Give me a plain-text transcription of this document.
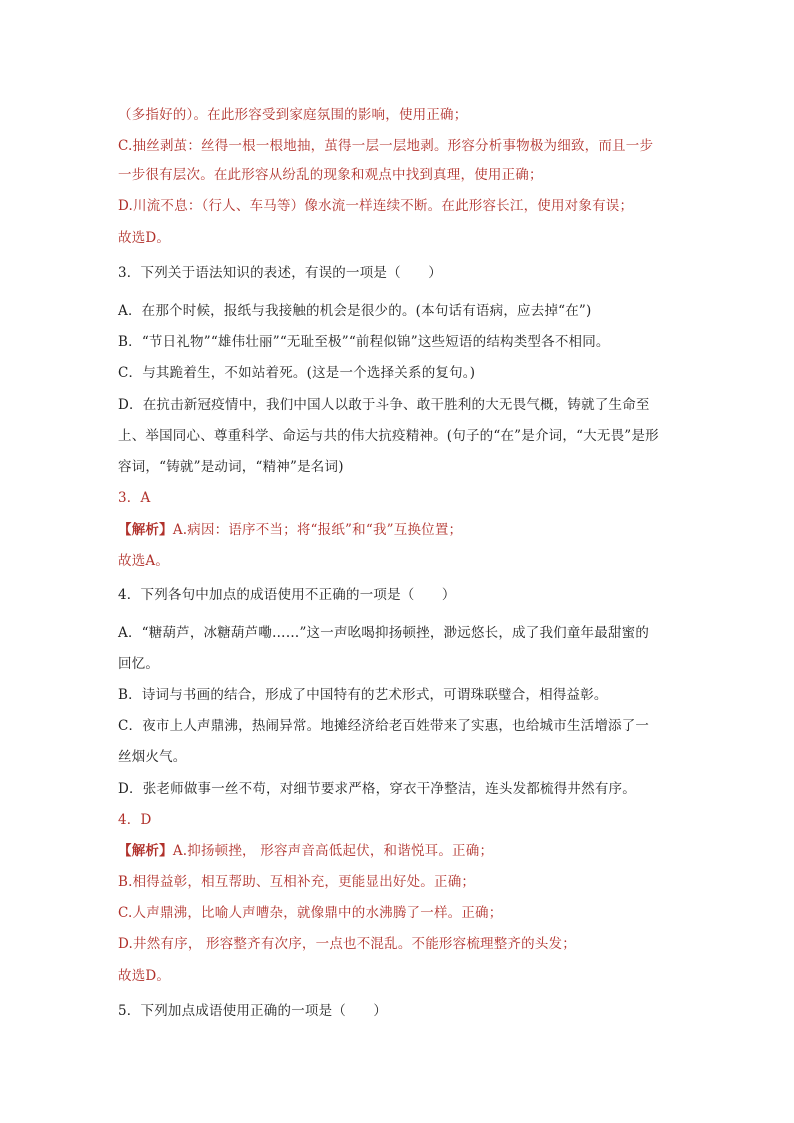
（多指好的）。在此形容受到家庭氛围的影响，使用正确；
C.抽丝剥茧：丝得一根一根地抽，茧得一层一层地剥。形容分析事物极为细致，而且一步
一步很有层次。在此形容从纷乱的现象和观点中找到真理，使用正确；
D.川流不息：（行人、车马等）像水流一样连续不断。在此形容长江，使用对象有误；
故选D。
3．下列关于语法知识的表述，有误的一项是（　　）
A．在那个时候，报纸与我接触的机会是很少的。(本句话有语病，应去掉“在”)
B．“节日礼物”“雄伟壮丽”“无耻至极”“前程似锦”这些短语的结构类型各不相同。
C．与其跪着生，不如站着死。(这是一个选择关系的复句。)
D．在抗击新冠疫情中，我们中国人以敢于斗争、敢干胜利的大无畏气概，铸就了生命至
上、举国同心、尊重科学、命运与共的伟大抗疫精神。(句子的“在”是介词，“大无畏”是形
容词，“铸就”是动词，“精神”是名词)
3．A
【解析】A.病因：语序不当；将“报纸”和“我”互换位置；
故选A。
4．下列各句中加点的成语使用不正确的一项是（　　）
A．“糖葫芦，冰糖葫芦嘞……”这一声吆喝抑扬顿挫，渺远悠长，成了我们童年最甜蜜的
回忆。
B．诗词与书画的结合，形成了中国特有的艺术形式，可谓珠联璧合，相得益彰。
C．夜市上人声鼎沸，热闹异常。地摊经济给老百姓带来了实惠，也给城市生活增添了一
丝烟火气。
D．张老师做事一丝不苟，对细节要求严格，穿衣干净整洁，连头发都梳得井然有序。
4．D
【解析】A.抑扬顿挫， 形容声音高低起伏，和谐悦耳。正确；
B.相得益彰，相互帮助、互相补充，更能显出好处。正确；
C.人声鼎沸，比喻人声嘈杂，就像鼎中的水沸腾了一样。正确；
D.井然有序， 形容整齐有次序，一点也不混乱。不能形容梳理整齐的头发；
故选D。
5．下列加点成语使用正确的一项是（　　）
